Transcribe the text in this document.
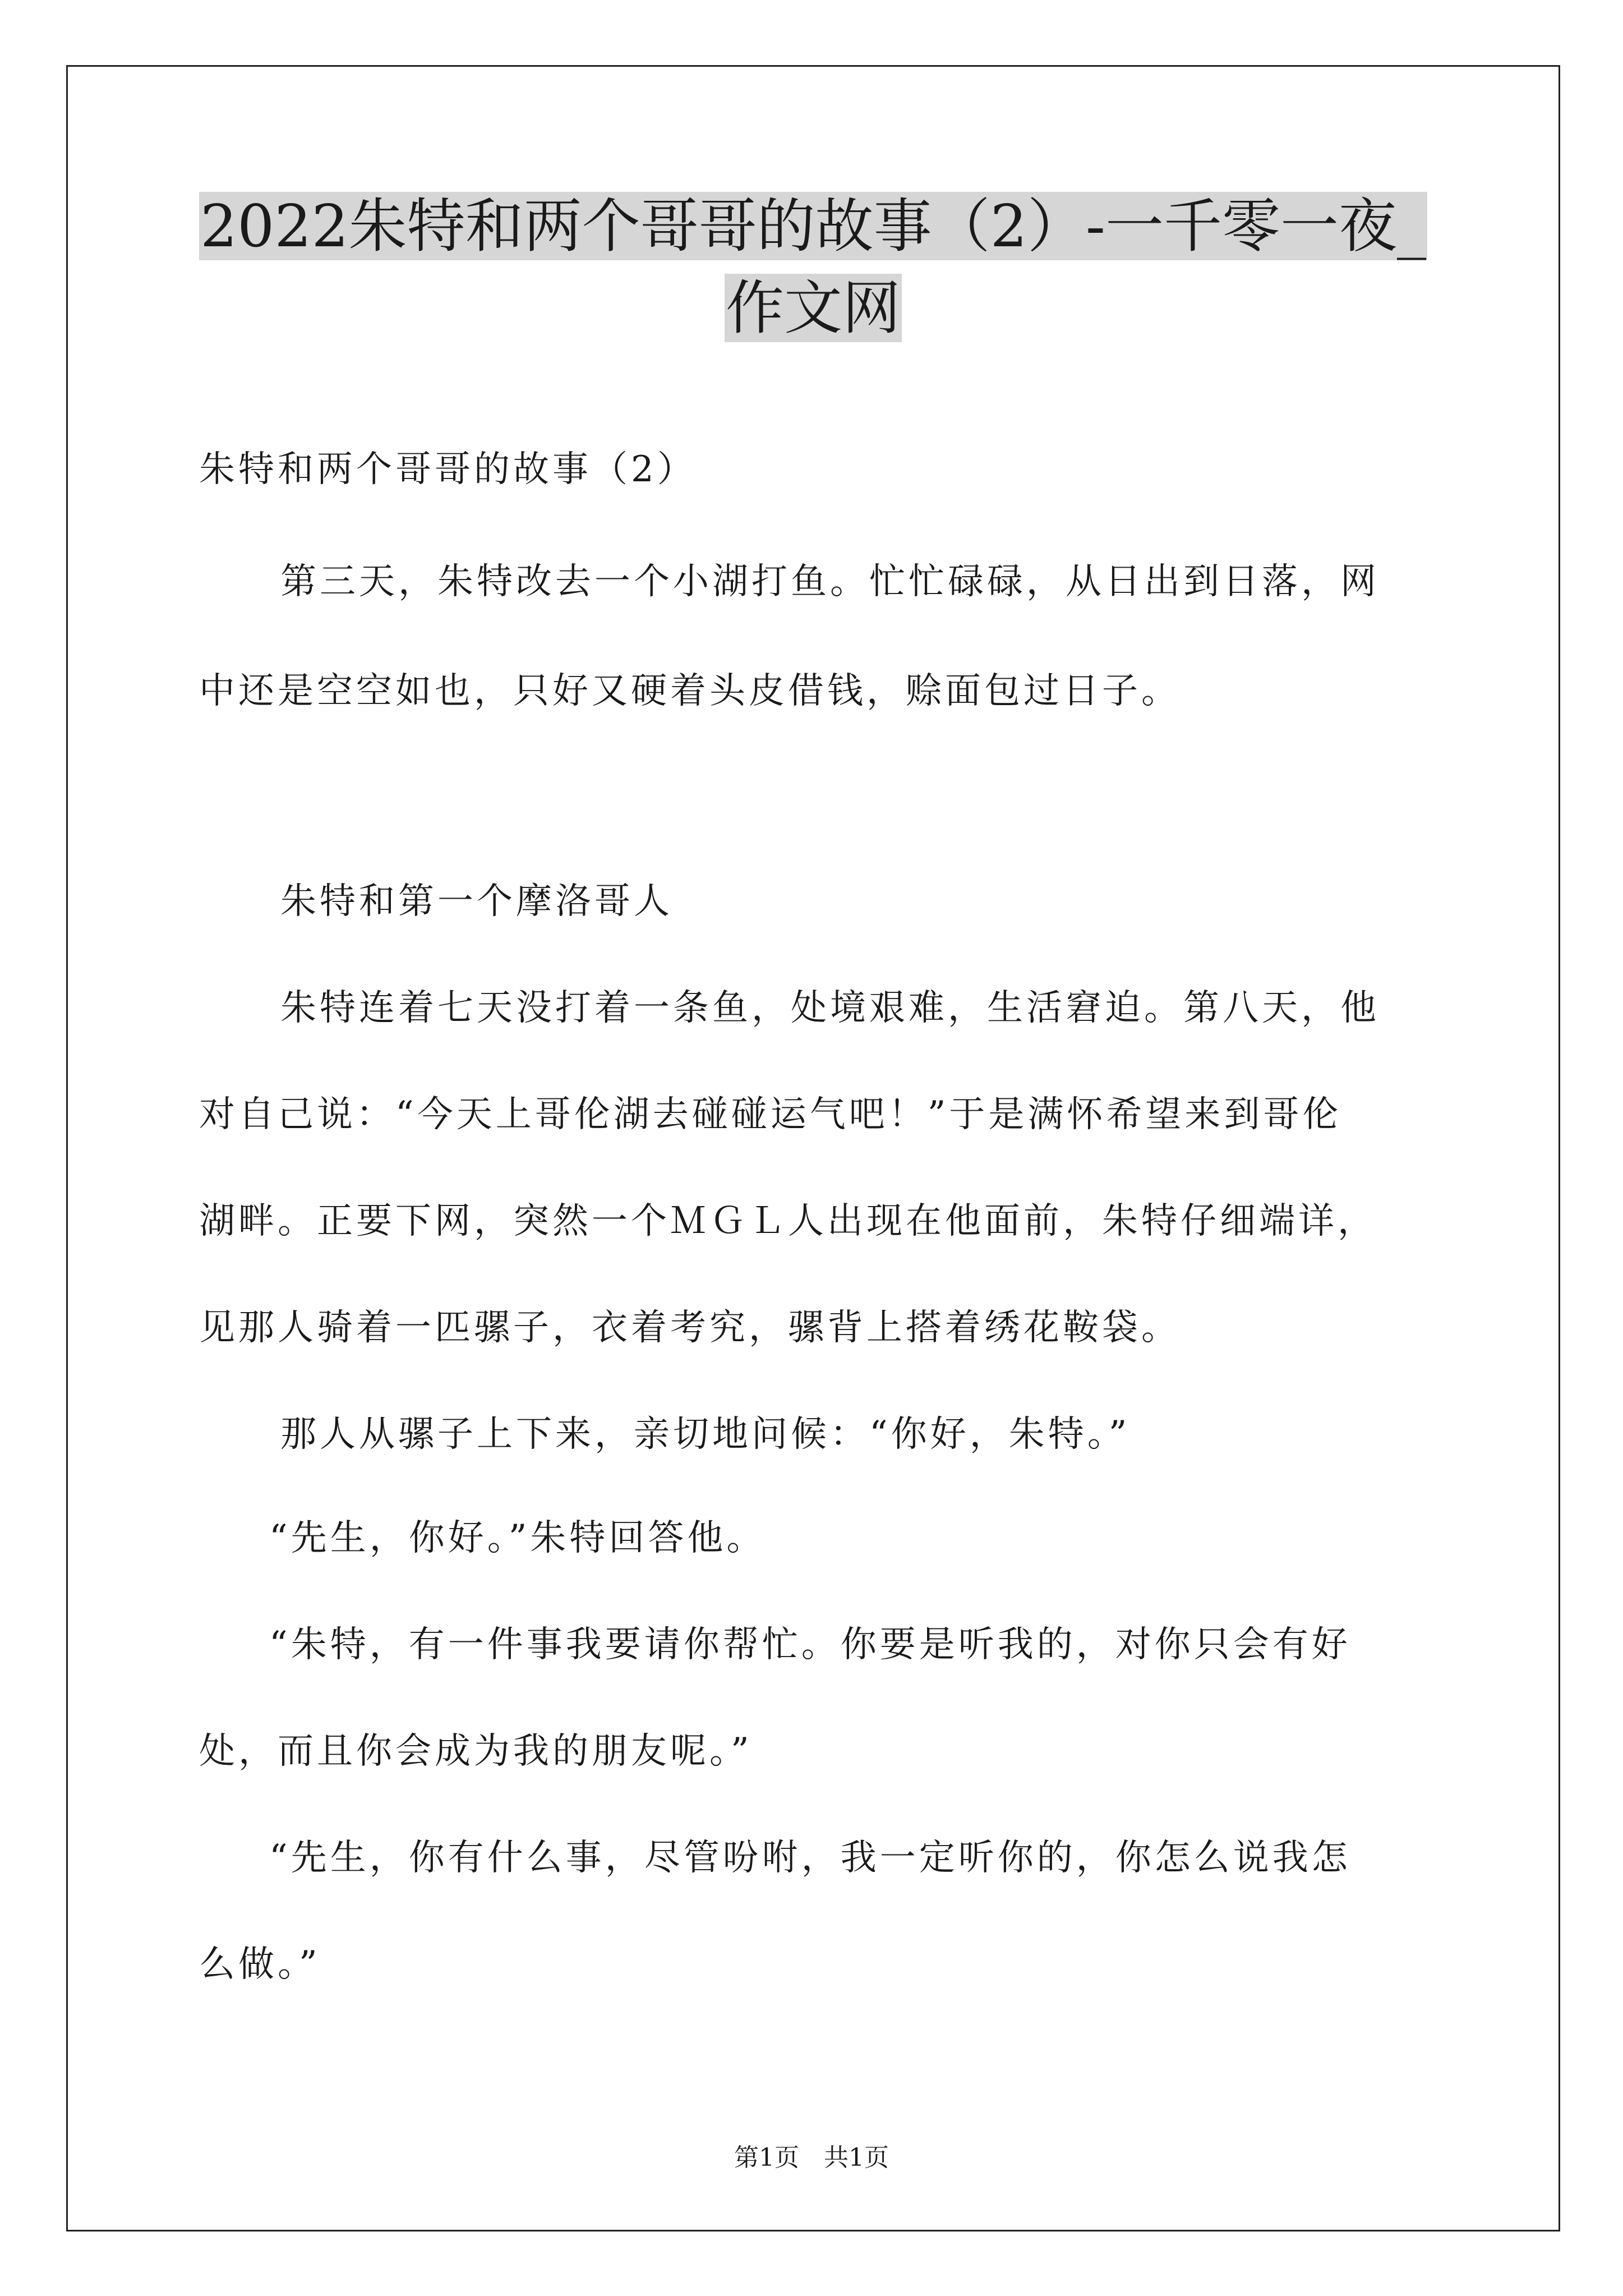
2022朱特和两个哥哥的故事（2）-一千零一夜_
作文网
朱特和两个哥哥的故事（2）
第三天，朱特改去一个小湖打鱼。忙忙碌碌，从日出到日落，网
中还是空空如也，只好又硬着头皮借钱，赊面包过日子。
朱特和第一个摩洛哥人
朱特连着七天没打着一条鱼，处境艰难，生活窘迫。第八天，他
对自己说：“今天上哥伦湖去碰碰运气吧！”于是满怀希望来到哥伦
湖畔。正要下网，突然一个ＭＧＬ人出现在他面前，朱特仔细端详，
见那人骑着一匹骡子，衣着考究，骡背上搭着绣花鞍袋。
那人从骡子上下来，亲切地问候：“你好，朱特。”
“先生，你好。”朱特回答他。
“朱特，有一件事我要请你帮忙。你要是听我的，对你只会有好
处，而且你会成为我的朋友呢。”
“先生，你有什么事，尽管吩咐，我一定听你的，你怎么说我怎
么做。”
第1页　共1页
